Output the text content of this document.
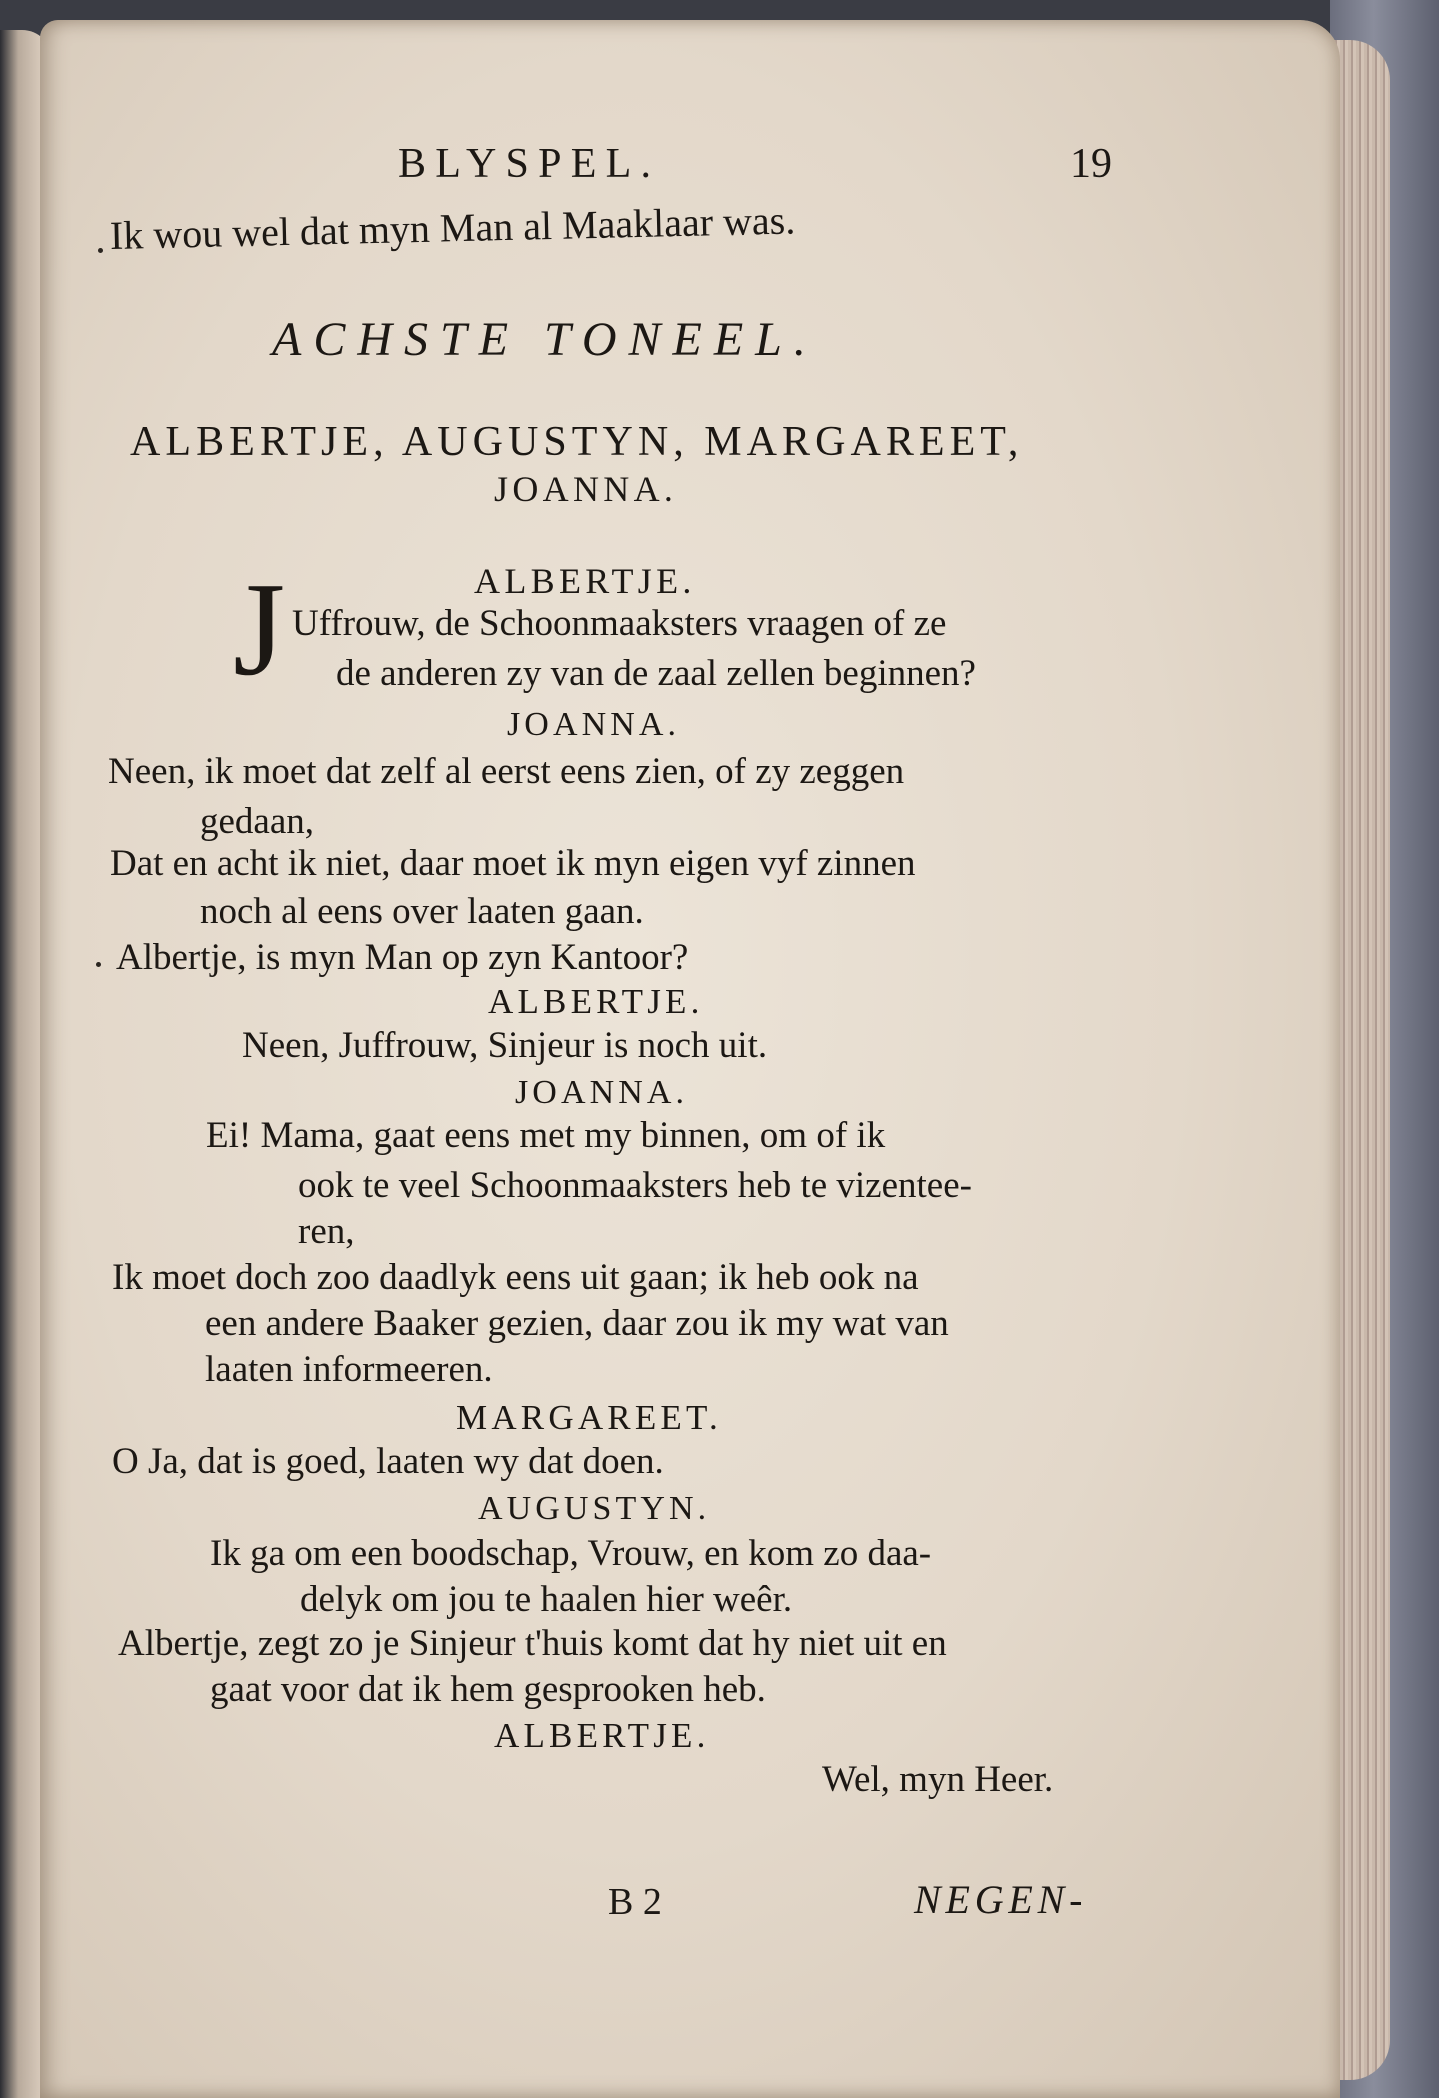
BLYSPEL.	19
Ik wou wel dat myn Man al Maaklaar was.
ACHSTE TONEEL.
ALBERTJE, AUGUSTYN, MARGAREET,
JOANNA.
J	ALBERTJE.
Uffrouw, de Schoonmaaksters vraagen of ze
de anderen zy van de zaal zellen beginnen?
JOANNA.
Neen, ik moet dat zelf al eerst eens zien, of zy zeggen
gedaan,
Dat en acht ik niet, daar moet ik myn eigen vyf zinnen
noch al eens over laaten gaan.
Albertje, is myn Man op zyn Kantoor?
ALBERTJE.
Neen, Juffrouw, Sinjeur is noch uit.
JOANNA.
Ei! Mama, gaat eens met my binnen, om of ik
ook te veel Schoonmaaksters heb te vizentee-
ren,
Ik moet doch zoo daadlyk eens uit gaan; ik heb ook na
een andere Baaker gezien, daar zou ik my wat van
laaten informeeren.
MARGAREET.
O Ja, dat is goed, laaten wy dat doen.
AUGUSTYN.
Ik ga om een boodschap, Vrouw, en kom zo daa-
delyk om jou te haalen hier weêr.
Albertje, zegt zo je Sinjeur t'huis komt dat hy niet uit en
gaat voor dat ik hem gesprooken heb.
ALBERTJE.
Wel, myn Heer.
B 2	NEGEN-
